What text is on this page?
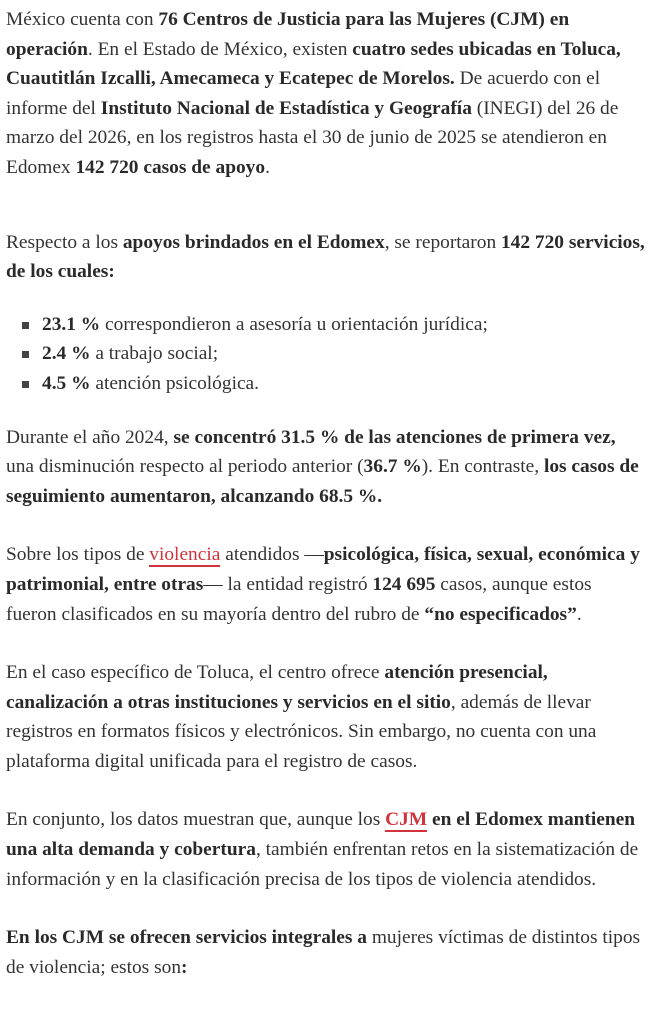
México cuenta con 76 Centros de Justicia para las Mujeres (CJM) en operación. En el Estado de México, existen cuatro sedes ubicadas en Toluca, Cuautitlán Izcalli, Amecameca y Ecatepec de Morelos. De acuerdo con el informe del Instituto Nacional de Estadística y Geografía (INEGI) del 26 de marzo del 2026, en los registros hasta el 30 de junio de 2025 se atendieron en Edomex 142 720 casos de apoyo.

Respecto a los apoyos brindados en el Edomex, se reportaron 142 720 servicios, de los cuales:

23.1 % correspondieron a asesoría u orientación jurídica;
2.4 % a trabajo social;
4.5 % atención psicológica.

Durante el año 2024, se concentró 31.5 % de las atenciones de primera vez, una disminución respecto al periodo anterior (36.7 %). En contraste, los casos de seguimiento aumentaron, alcanzando 68.5 %.

Sobre los tipos de violencia atendidos —psicológica, física, sexual, económica y patrimonial, entre otras— la entidad registró 124 695 casos, aunque estos fueron clasificados en su mayoría dentro del rubro de “no especificados”.

En el caso específico de Toluca, el centro ofrece atención presencial, canalización a otras instituciones y servicios en el sitio, además de llevar registros en formatos físicos y electrónicos. Sin embargo, no cuenta con una plataforma digital unificada para el registro de casos.

En conjunto, los datos muestran que, aunque los CJM en el Edomex mantienen una alta demanda y cobertura, también enfrentan retos en la sistematización de información y en la clasificación precisa de los tipos de violencia atendidos.

En los CJM se ofrecen servicios integrales a mujeres víctimas de distintos tipos de violencia; estos son:
